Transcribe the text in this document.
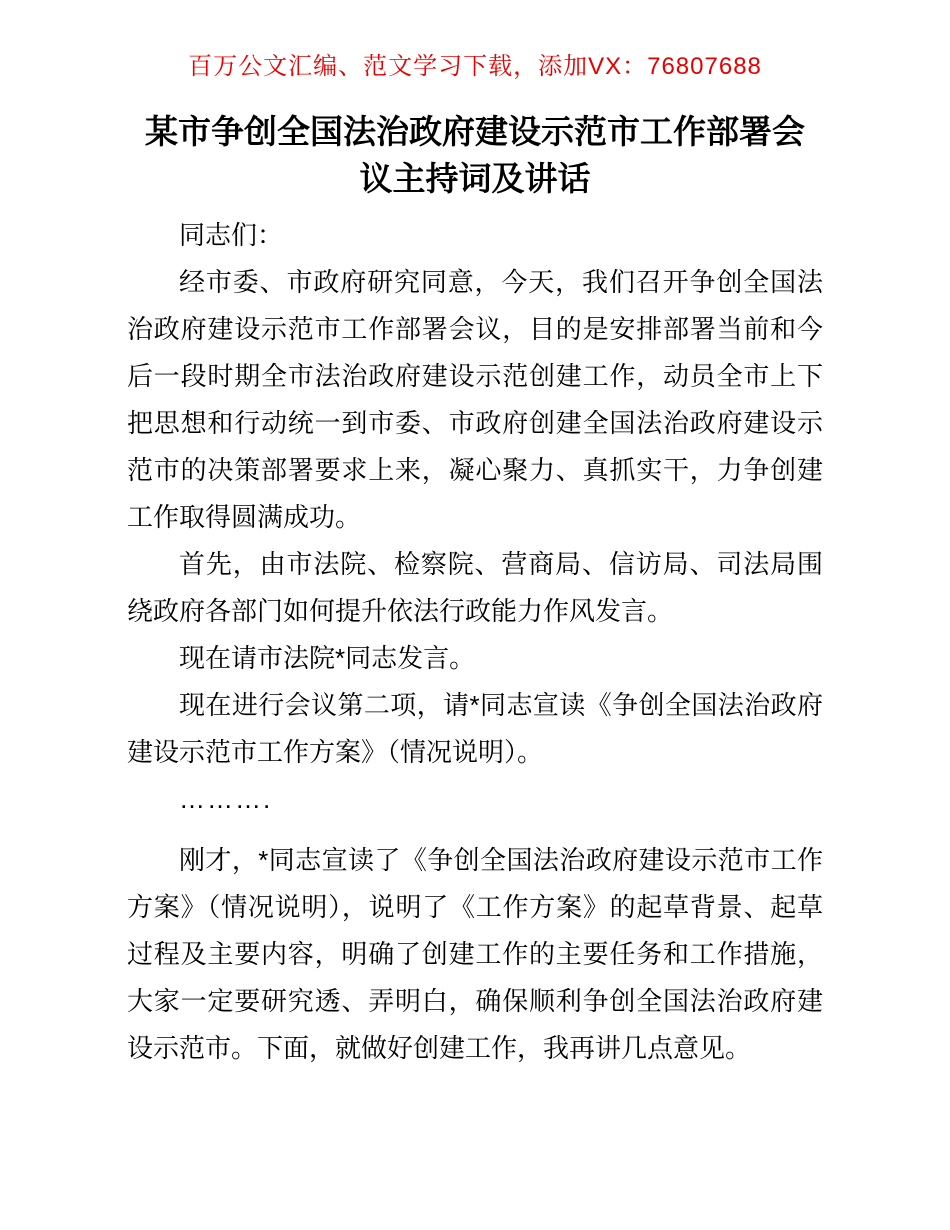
百万公文汇编、范文学习下载，添加VX：76807688
某市争创全国法治政府建设示范市工作部署会
议主持词及讲话

同志们：

经市委、市政府研究同意，今天，我们召开争创全国法治政府建设示范市工作部署会议，目的是安排部署当前和今后一段时期全市法治政府建设示范创建工作，动员全市上下把思想和行动统一到市委、市政府创建全国法治政府建设示范市的决策部署要求上来，凝心聚力、真抓实干，力争创建工作取得圆满成功。

首先，由市法院、检察院、营商局、信访局、司法局围绕政府各部门如何提升依法行政能力作风发言。

现在请市法院*同志发言。

现在进行会议第二项，请*同志宣读《争创全国法治政府建设示范市工作方案》（情况说明）。

……….

刚才，*同志宣读了《争创全国法治政府建设示范市工作方案》（情况说明），说明了《工作方案》的起草背景、起草过程及主要内容，明确了创建工作的主要任务和工作措施，大家一定要研究透、弄明白，确保顺利争创全国法治政府建设示范市。下面，就做好创建工作，我再讲几点意见。
